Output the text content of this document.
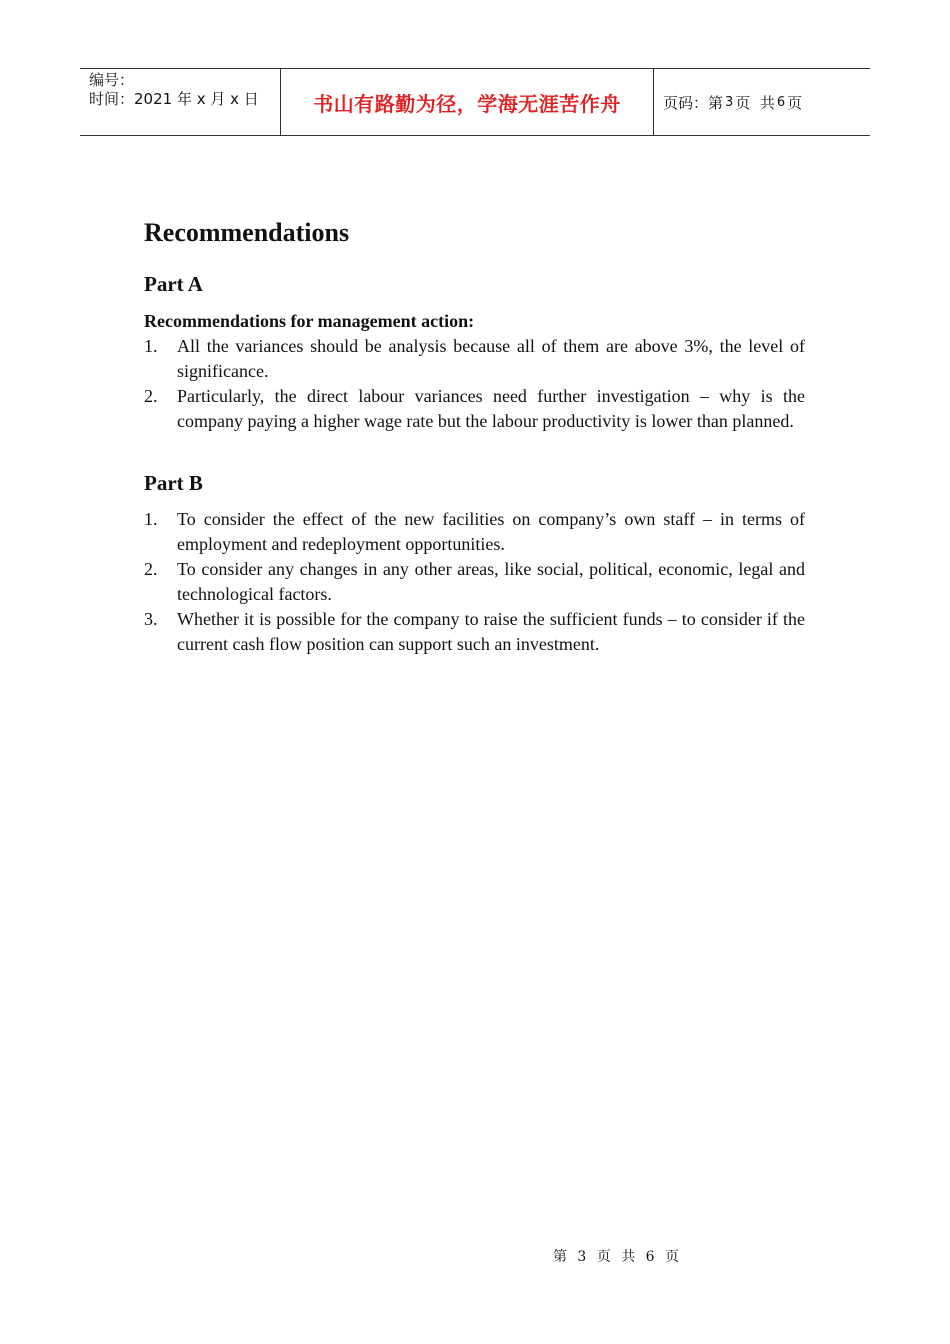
编号：
时间：2021 年 x 月 x 日	书山有路勤为径，学海无涯苦作舟	页码：第 3 页  共 6 页
Recommendations
Part A

Recommendations for management action:

1. All the variances should be analysis because all of them are above 3%, the level of significance.
2. Particularly, the direct labour variances need further investigation – why is the company paying a higher wage rate but the labour productivity is lower than planned.
Part B
1. To consider the effect of the new facilities on company’s own staff – in terms of employment and redeployment opportunities.
2. To consider any changes in any other areas, like social, political, economic, legal and technological factors.
3. Whether it is possible for the company to raise the sufficient funds – to consider if the current cash flow position can support such an investment.
第 3 页 共 6 页
